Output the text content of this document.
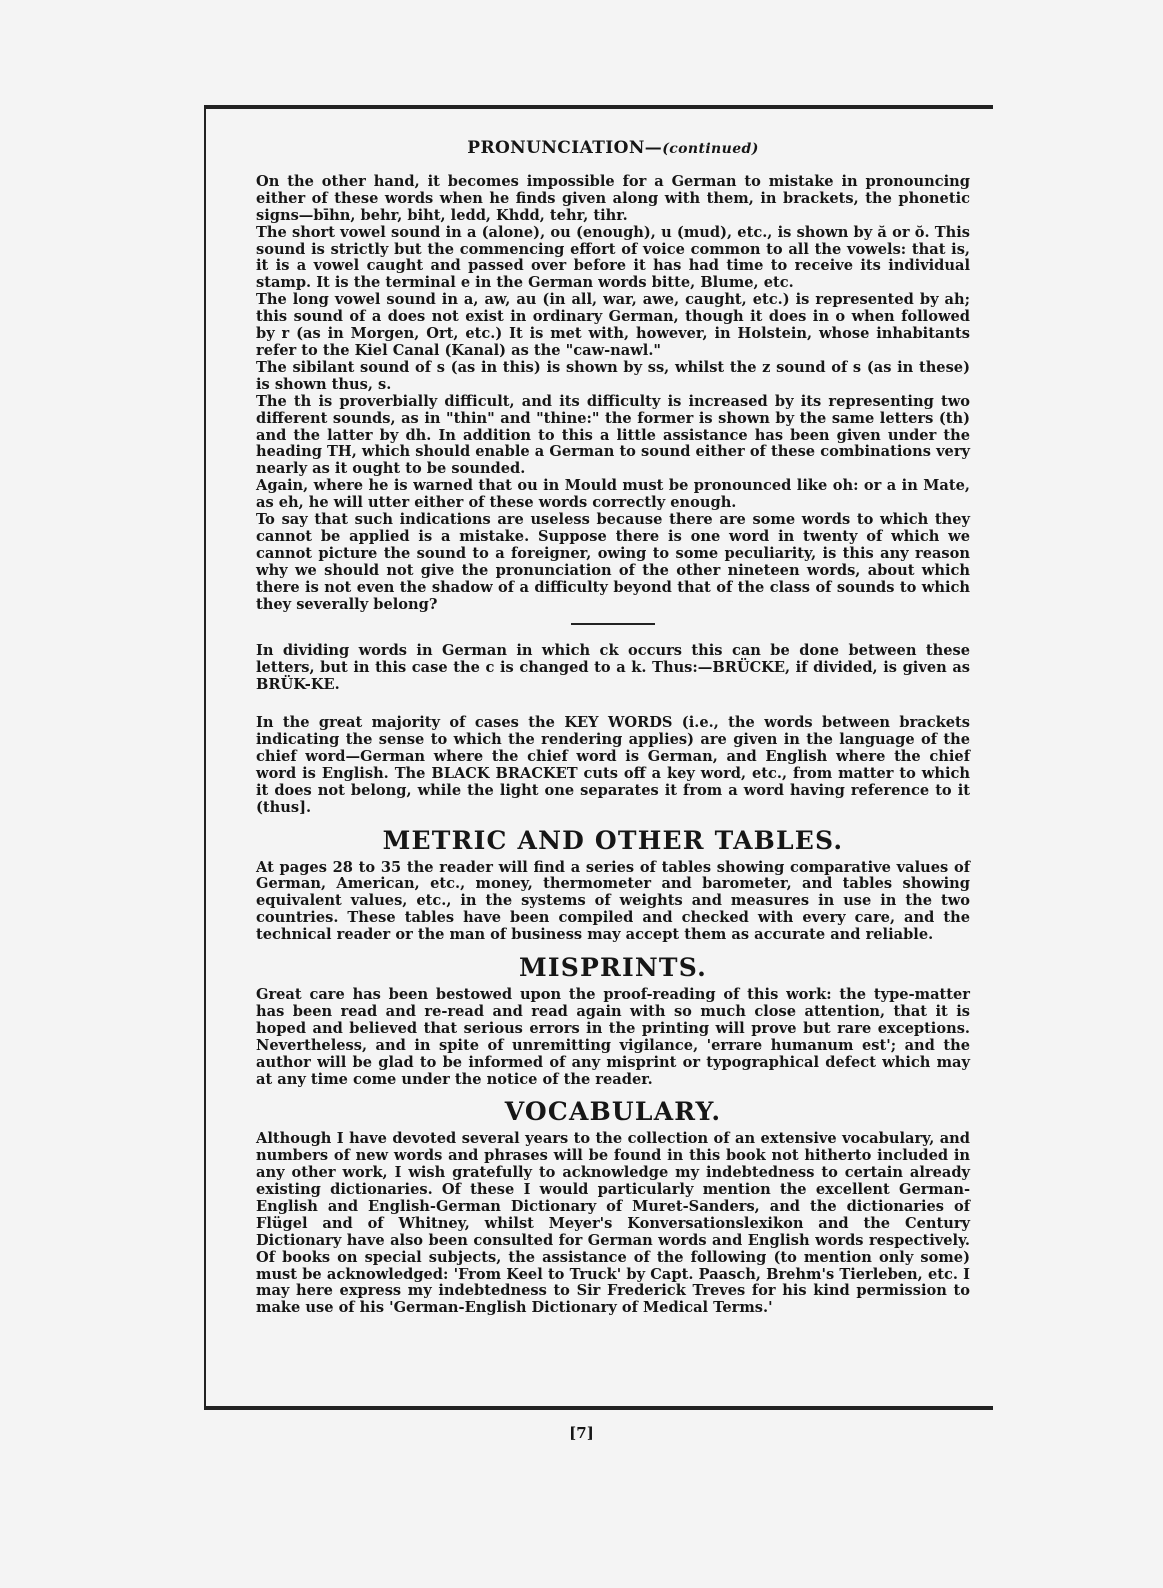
PRONUNCIATION—(continued)

On the other hand, it becomes impossible for a German to mistake in pronouncing either of these words when he finds given along with them, in brackets, the phonetic signs—bīhn, behr, biht, ledd, Khdd, tehr, tihr.

The short vowel sound in a (alone), ou (enough), u (mud), etc., is shown by ă or ŏ. This sound is strictly but the commencing effort of voice common to all the vowels: that is, it is a vowel caught and passed over before it has had time to receive its individual stamp. It is the terminal e in the German words bitte, Blume, etc.

The long vowel sound in a, aw, au (in all, war, awe, caught, etc.) is represented by ah; this sound of a does not exist in ordinary German, though it does in o when followed by r (as in Morgen, Ort, etc.) It is met with, however, in Holstein, whose inhabitants refer to the Kiel Canal (Kanal) as the "caw-nawl."

The sibilant sound of s (as in this) is shown by ss, whilst the z sound of s (as in these) is shown thus, s.

The th is proverbially difficult, and its difficulty is increased by its representing two different sounds, as in "thin" and "thine:" the former is shown by the same letters (th) and the latter by dh. In addition to this a little assistance has been given under the heading TH, which should enable a German to sound either of these combinations very nearly as it ought to be sounded.

Again, where he is warned that ou in Mould must be pronounced like oh: or a in Mate, as eh, he will utter either of these words correctly enough.

To say that such indications are useless because there are some words to which they cannot be applied is a mistake. Suppose there is one word in twenty of which we cannot picture the sound to a foreigner, owing to some peculiarity, is this any reason why we should not give the pronunciation of the other nineteen words, about which there is not even the shadow of a difficulty beyond that of the class of sounds to which they severally belong?

In dividing words in German in which ck occurs this can be done between these letters, but in this case the c is changed to a k. Thus:—BRÜCKE, if divided, is given as BRÜK-KE.

In the great majority of cases the KEY WORDS (i.e., the words between brackets indicating the sense to which the rendering applies) are given in the language of the chief word—German where the chief word is German, and English where the chief word is English. The BLACK BRACKET cuts off a key word, etc., from matter to which it does not belong, while the light one separates it from a word having reference to it (thus].

METRIC AND OTHER TABLES.

At pages 28 to 35 the reader will find a series of tables showing comparative values of German, American, etc., money, thermometer and barometer, and tables showing equivalent values, etc., in the systems of weights and measures in use in the two countries. These tables have been compiled and checked with every care, and the technical reader or the man of business may accept them as accurate and reliable.

MISPRINTS.

Great care has been bestowed upon the proof-reading of this work: the type-matter has been read and re-read and read again with so much close attention, that it is hoped and believed that serious errors in the printing will prove but rare exceptions. Nevertheless, and in spite of unremitting vigilance, 'errare humanum est'; and the author will be glad to be informed of any misprint or typographical defect which may at any time come under the notice of the reader.

VOCABULARY.

Although I have devoted several years to the collection of an extensive vocabulary, and numbers of new words and phrases will be found in this book not hitherto included in any other work, I wish gratefully to acknowledge my indebtedness to certain already existing dictionaries. Of these I would particularly mention the excellent German-English and English-German Dictionary of Muret-Sanders, and the dictionaries of Flügel and of Whitney, whilst Meyer's Konversationslexikon and the Century Dictionary have also been consulted for German words and English words respectively. Of books on special subjects, the assistance of the following (to mention only some) must be acknowledged: 'From Keel to Truck' by Capt. Paasch, Brehm's Tierleben, etc. I may here express my indebtedness to Sir Frederick Treves for his kind permission to make use of his 'German-English Dictionary of Medical Terms.'

[7]
